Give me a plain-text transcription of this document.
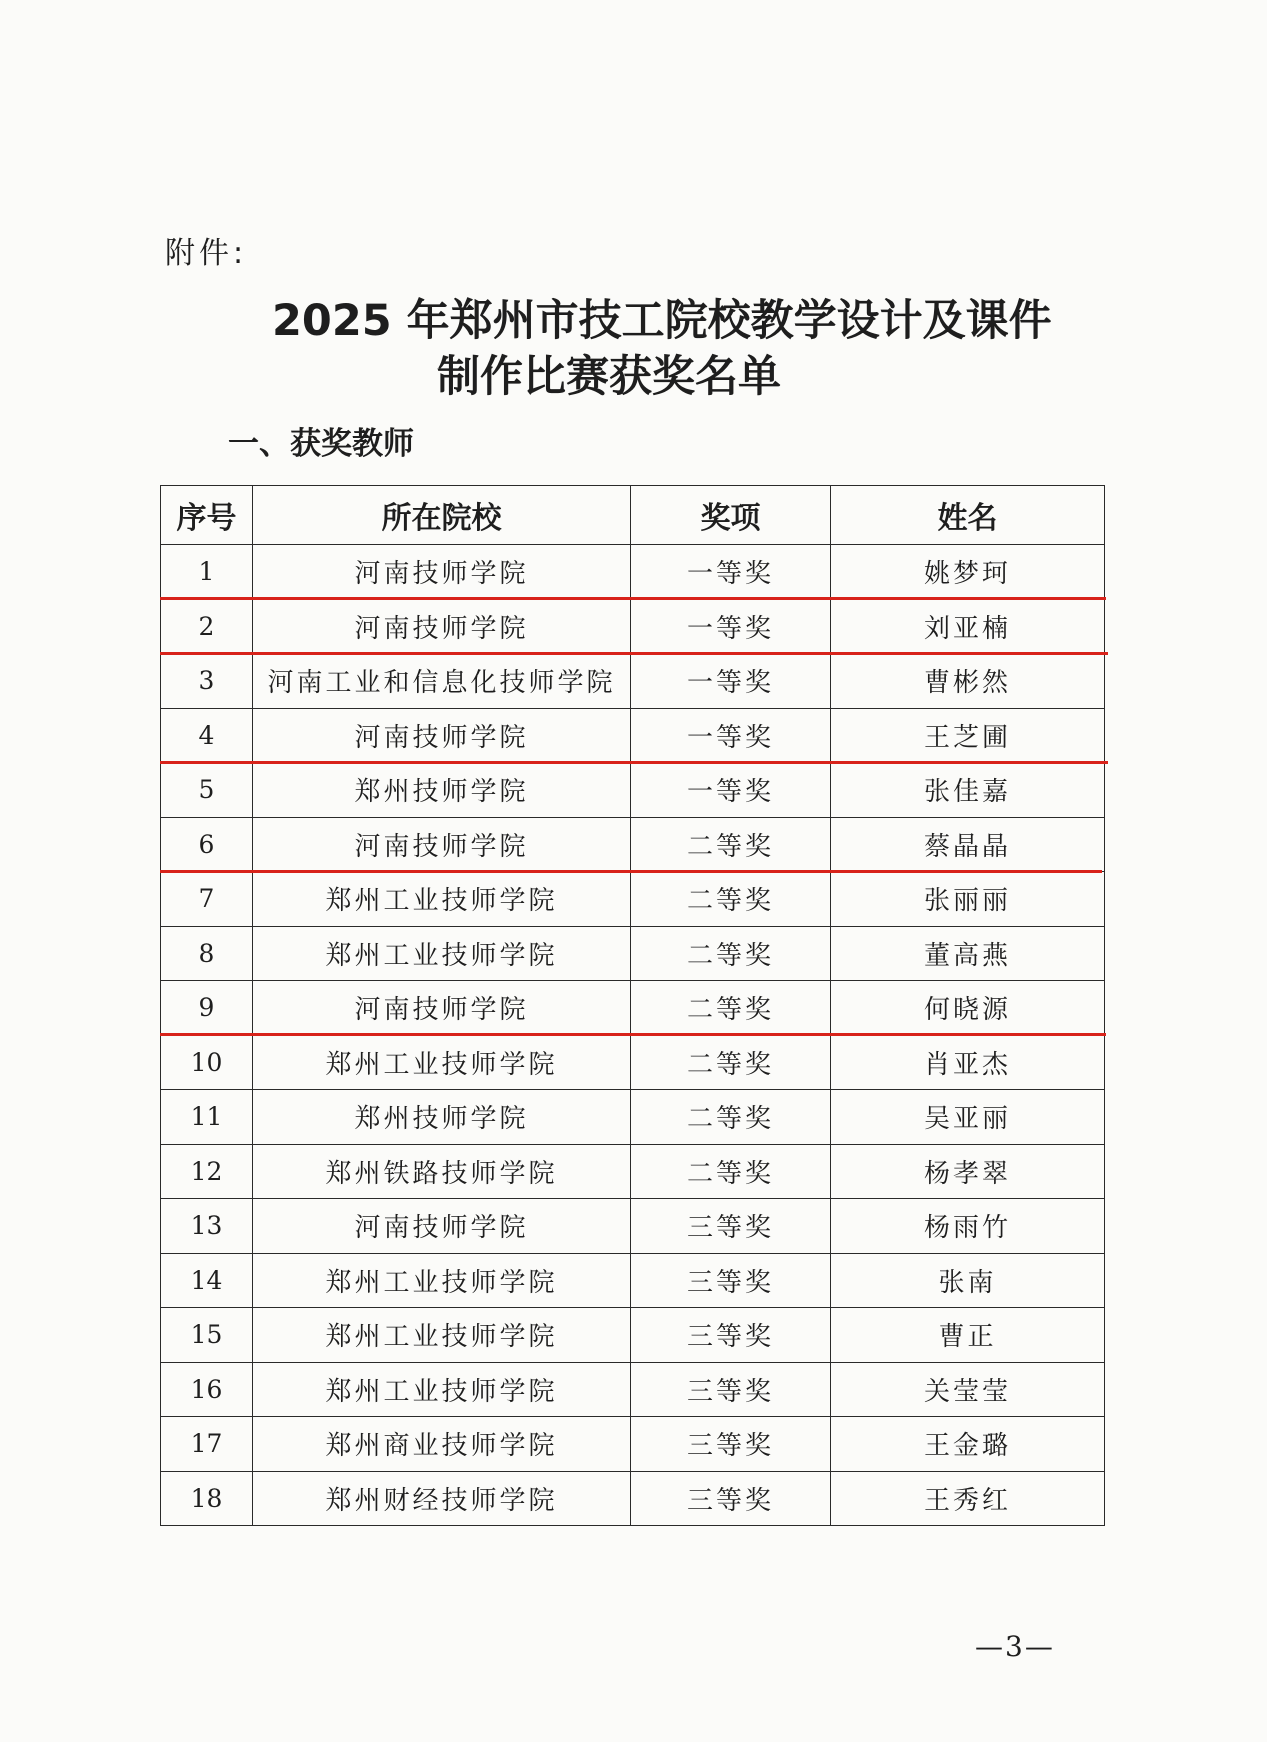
附件:
2025 年郑州市技工院校教学设计及课件
制作比赛获奖名单
一、获奖教师
序号	所在院校	奖项	姓名
1	河南技师学院	一等奖	姚梦珂
2	河南技师学院	一等奖	刘亚楠
3	河南工业和信息化技师学院	一等奖	曹彬然
4	河南技师学院	一等奖	王芝圃
5	郑州技师学院	一等奖	张佳嘉
6	河南技师学院	二等奖	蔡晶晶
7	郑州工业技师学院	二等奖	张丽丽
8	郑州工业技师学院	二等奖	董高燕
9	河南技师学院	二等奖	何晓源
10	郑州工业技师学院	二等奖	肖亚杰
11	郑州技师学院	二等奖	吴亚丽
12	郑州铁路技师学院	二等奖	杨孝翠
13	河南技师学院	三等奖	杨雨竹
14	郑州工业技师学院	三等奖	张南
15	郑州工业技师学院	三等奖	曹正
16	郑州工业技师学院	三等奖	关莹莹
17	郑州商业技师学院	三等奖	王金璐
18	郑州财经技师学院	三等奖	王秀红
—3—
